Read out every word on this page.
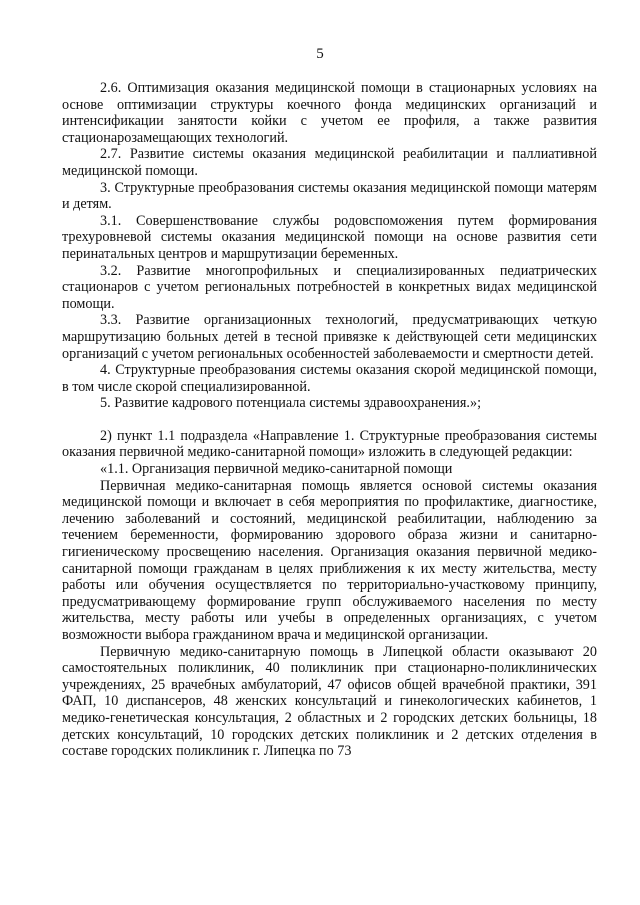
5

2.6. Оптимизация оказания медицинской помощи в стационарных условиях на основе оптимизации структуры коечного фонда медицинских организаций и интенсификации занятости койки с учетом ее профиля, а также развития стационарозамещающих технологий.

2.7. Развитие системы оказания медицинской реабилитации и паллиативной медицинской помощи.

3. Структурные преобразования системы оказания медицинской помощи матерям и детям.

3.1. Совершенствование службы родовспоможения путем формирования трехуровневой системы оказания медицинской помощи на основе развития сети перинатальных центров и маршрутизации беременных.

3.2. Развитие многопрофильных и специализированных педиатрических стационаров с учетом региональных потребностей в конкретных видах медицинской помощи.

3.3. Развитие организационных технологий, предусматривающих четкую маршрутизацию больных детей в тесной привязке к действующей сети медицинских организаций с учетом региональных особенностей заболеваемости и смертности детей.

4. Структурные преобразования системы оказания скорой медицинской помощи, в том числе скорой специализированной.

5. Развитие кадрового потенциала системы здравоохранения.»;

2) пункт 1.1 подраздела «Направление 1. Структурные преобразования системы оказания первичной медико-санитарной помощи» изложить в следующей редакции:

«1.1. Организация первичной медико-санитарной помощи

Первичная медико-санитарная помощь является основой системы оказания медицинской помощи и включает в себя мероприятия по профилактике, диагностике, лечению заболеваний и состояний, медицинской реабилитации, наблюдению за течением беременности, формированию здорового образа жизни и санитарно-гигиеническому просвещению населения. Организация оказания первичной медико-санитарной помощи гражданам в целях приближения к их месту жительства, месту работы или обучения осуществляется по территориально-участковому принципу, предусматривающему формирование групп обслуживаемого населения по месту жительства, месту работы или учебы в определенных организациях, с учетом возможности выбора гражданином врача и медицинской организации.

Первичную медико-санитарную помощь в Липецкой области оказывают 20 самостоятельных поликлиник, 40 поликлиник при стационарно-поликлинических учреждениях, 25 врачебных амбулаторий, 47 офисов общей врачебной практики, 391 ФАП, 10 диспансеров, 48 женских консультаций и гинекологических кабинетов, 1 медико-генетическая консультация, 2 областных и 2 городских детских больницы, 18 детских консультаций, 10 городских детских поликлиник и 2 детских отделения в составе городских поликлиник г. Липецка по 73
